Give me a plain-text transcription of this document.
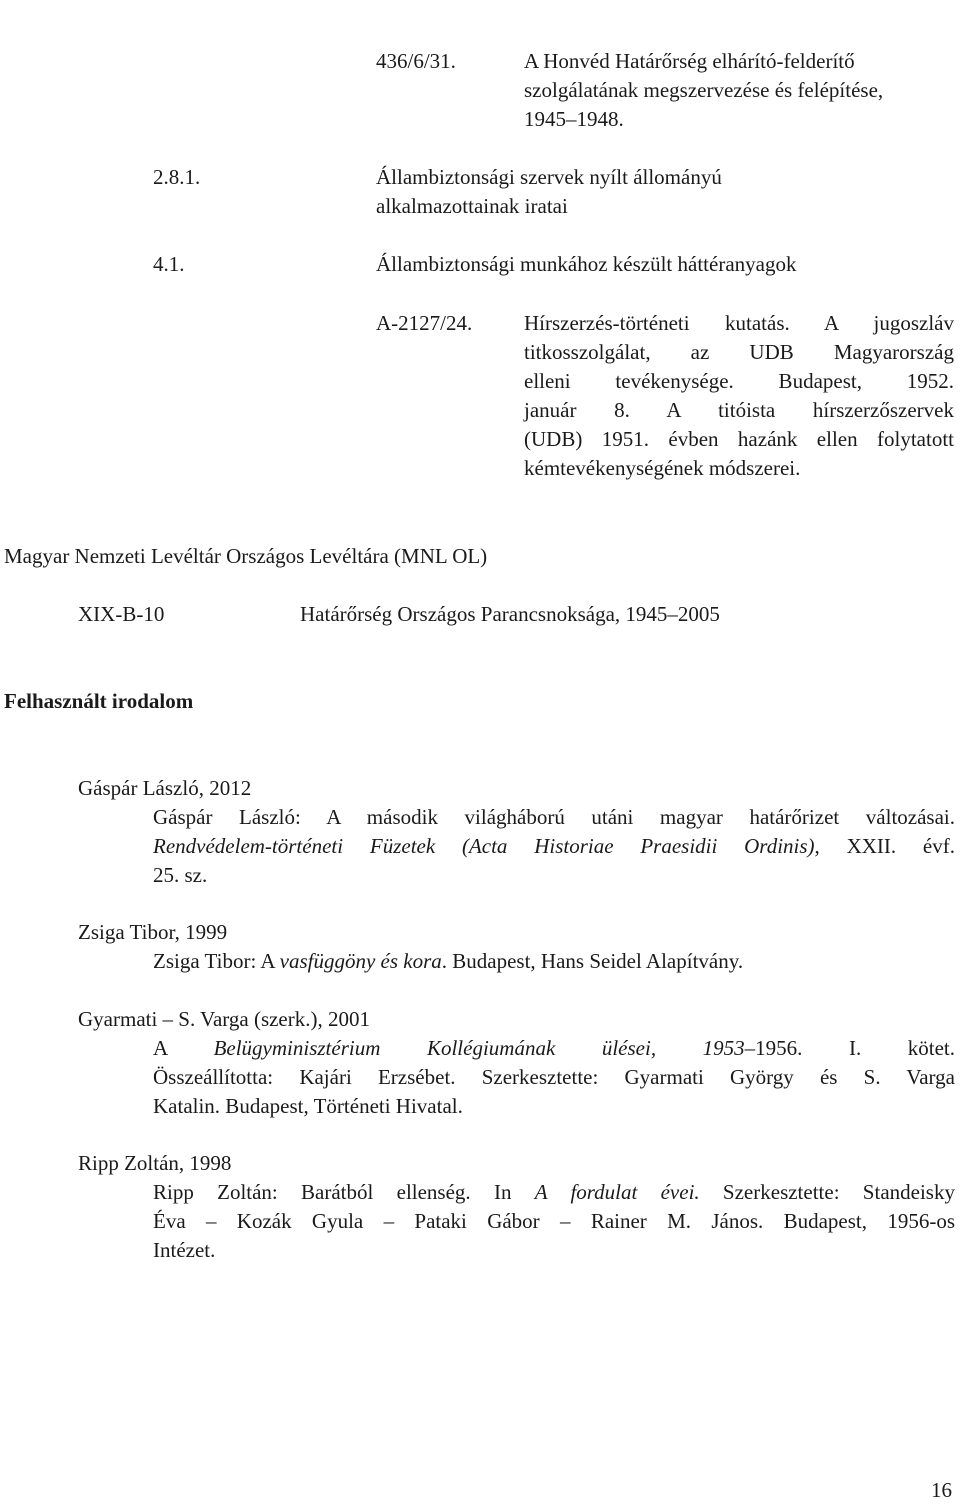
436/6/31.	A Honvéd Határőrség elhárító-felderítő
szolgálatának megszervezése és felépítése,
1945–1948.
2.8.1.	Állambiztonsági szervek nyílt állományú
alkalmazottainak iratai
4.1.	Állambiztonsági munkához készült háttéranyagok
A-2127/24. Hírszerzés-történeti kutatás. A jugoszláv
titkosszolgálat, az UDB Magyarország
elleni tevékenysége. Budapest, 1952.
január 8. A titóista hírszerzőszervek
(UDB) 1951. évben hazánk ellen folytatott
kémtevékenységének módszerei.
Magyar Nemzeti Levéltár Országos Levéltára (MNL OL)
XIX-B-10	Határőrség Országos Parancsnoksága, 1945–2005
Felhasznált irodalom
Gáspár László, 2012
Gáspár László: A második világháború utáni magyar határőrizet változásai.
Rendvédelem-történeti Füzetek (Acta Historiae Praesidii Ordinis), XXII. évf.
25. sz.
Zsiga Tibor, 1999
Zsiga Tibor: A vasfüggöny és kora. Budapest, Hans Seidel Alapítvány.
Gyarmati – S. Varga (szerk.), 2001
A Belügyminisztérium Kollégiumának ülései, 1953–1956. I. kötet.
Összeállította: Kajári Erzsébet. Szerkesztette: Gyarmati György és S. Varga
Katalin. Budapest, Történeti Hivatal.
Ripp Zoltán, 1998
Ripp Zoltán: Barátból ellenség. In A fordulat évei. Szerkesztette: Standeisky
Éva – Kozák Gyula – Pataki Gábor – Rainer M. János. Budapest, 1956-os
Intézet.
16
